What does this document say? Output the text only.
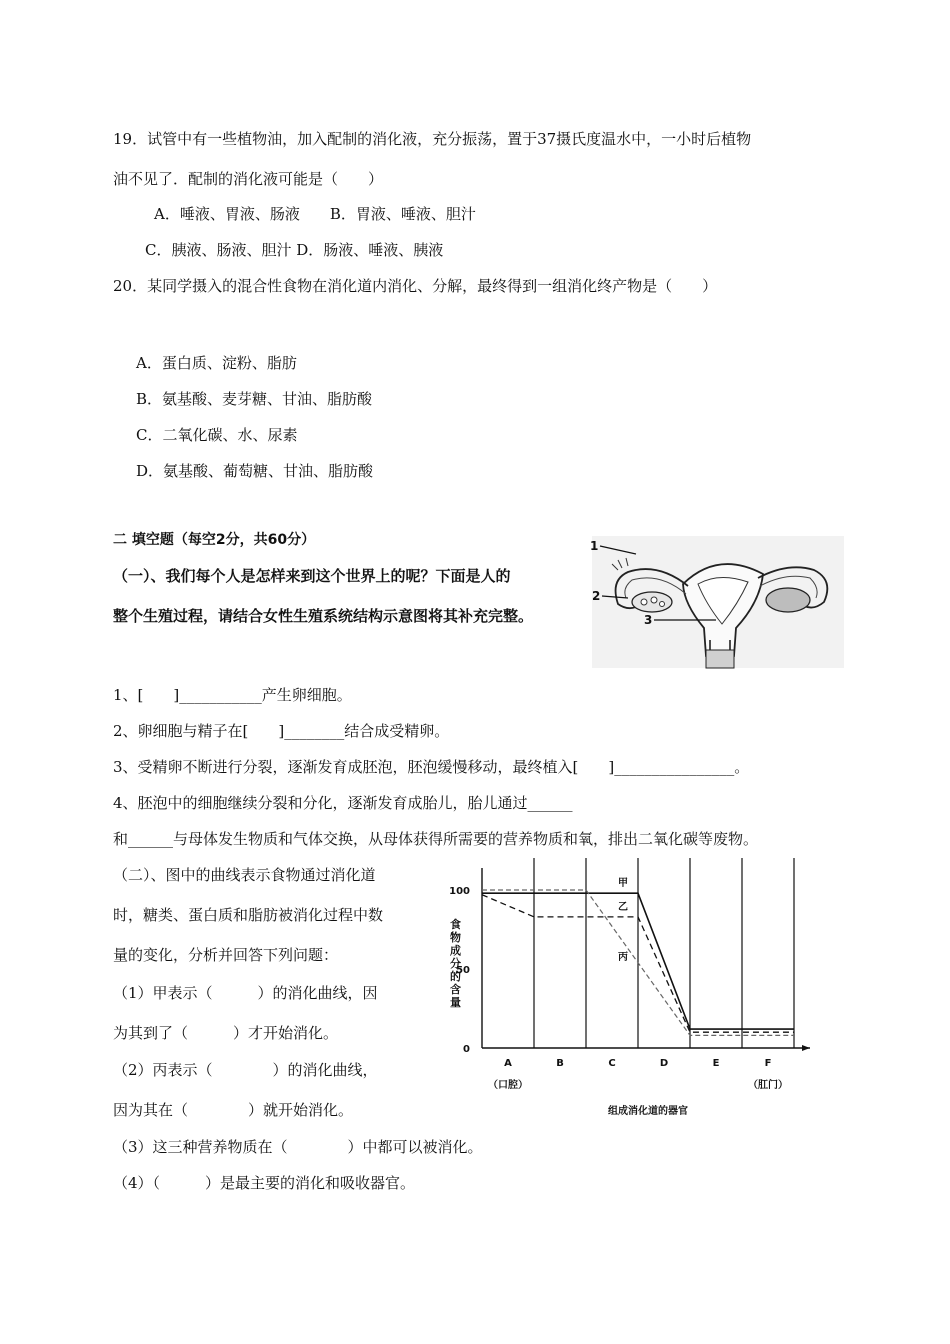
19．试管中有一些植物油，加入配制的消化液，充分振荡，置于37摄氏度温水中，一小时后植物
油不见了．配制的消化液可能是（　　）
A．唾液、胃液、肠液　　B．胃液、唾液、胆汁
C．胰液、肠液、胆汁 D．肠液、唾液、胰液
20．某同学摄入的混合性食物在消化道内消化、分解，最终得到一组消化终产物是（　　）
A．蛋白质、淀粉、脂肪
B．氨基酸、麦芽糖、甘油、脂肪酸
C．二氧化碳、水、尿素
D．氨基酸、葡萄糖、甘油、脂肪酸
二 填空题（每空2分，共60分）
（一）、我们每个人是怎样来到这个世界上的呢？下面是人的
整个生殖过程，请结合女性生殖系统结构示意图将其补充完整。
1
2
3
1、[　　]___________产生卵细胞。
2、卵细胞与精子在[　　]________结合成受精卵。
3、受精卵不断进行分裂，逐渐发育成胚泡，胚泡缓慢移动，最终植入[　　]________________。
4、胚泡中的细胞继续分裂和分化，逐渐发育成胎儿，胎儿通过______
和______与母体发生物质和气体交换，从母体获得所需要的营养物质和氧，排出二氧化碳等废物。
（二）、图中的曲线表示食物通过消化道
时，糖类、蛋白质和脂肪被消化过程中数
量的变化，分析并回答下列问题：
（1）甲表示（　　　）的消化曲线，因
为其到了（　　　）才开始消化。
（2）丙表示（　　　　）的消化曲线，
因为其在（　　　　）就开始消化。
（3）这三种营养物质在（　　　　）中都可以被消化。
（4）（　　　）是最主要的消化和吸收器官。
0
50
100
A
（口腔）
B	C	D	E	F
（肛门）
食物成分的含量
组成消化道的器官
甲
乙
丙
